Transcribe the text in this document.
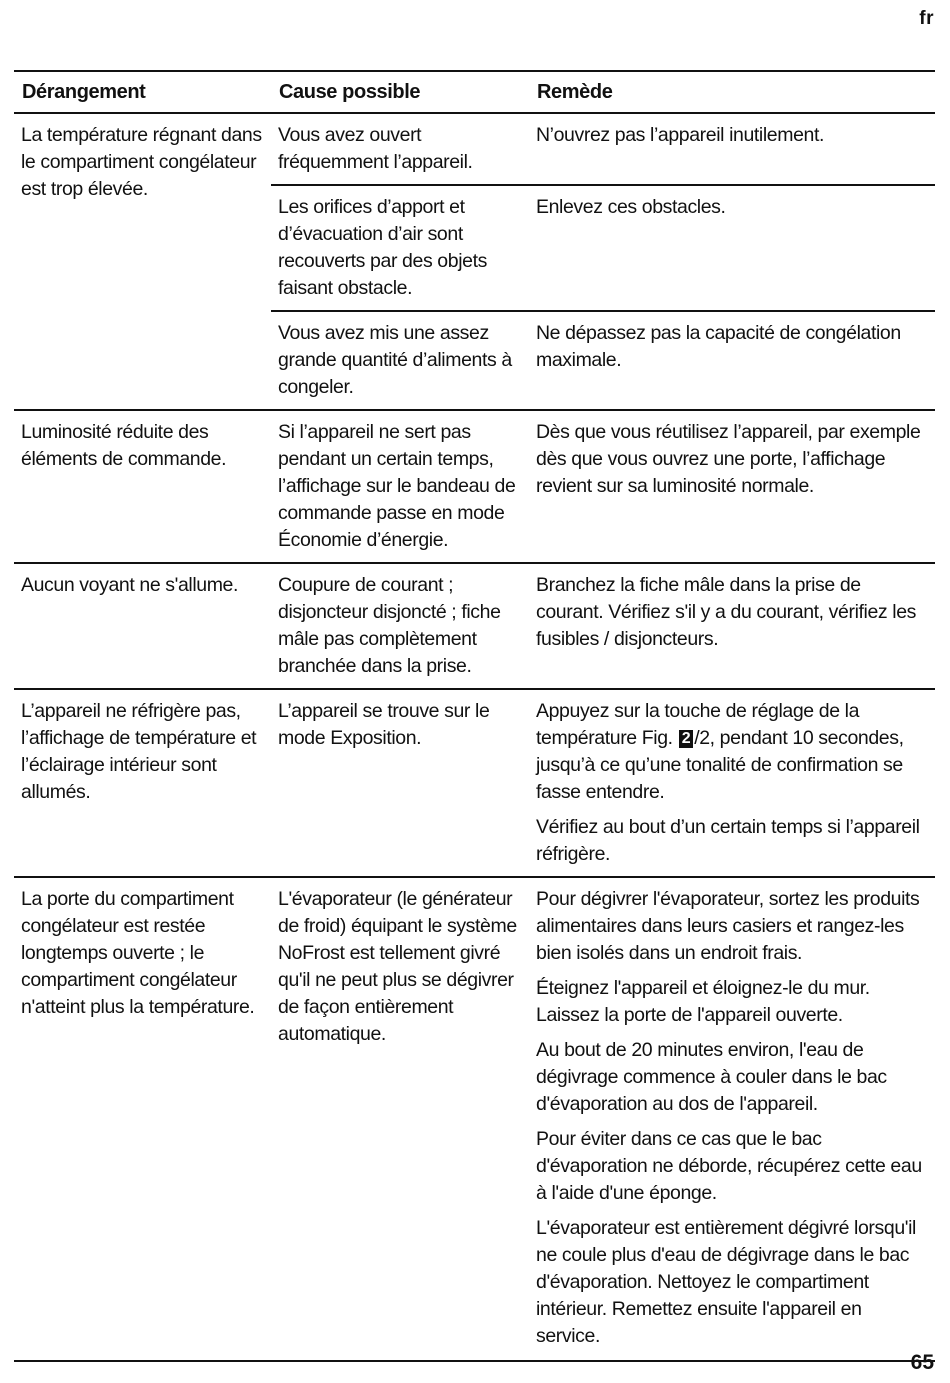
fr
Dérangement	Cause possible	Remède
La température régnant dans le compartiment congélateur est trop élevée.	Vous avez ouvert fréquemment l’appareil.	N’ouvrez pas l’appareil inutilement.

	Les orifices d’apport et d’évacuation d’air sont recouverts par des objets faisant obstacle.	Enlevez ces obstacles.

	Vous avez mis une assez grande quantité d’aliments à congeler.	Ne dépassez pas la capacité de congélation maximale.

Luminosité réduite des éléments de commande.	Si l’appareil ne sert pas pendant un certain temps, l’affichage sur le bandeau de commande passe en mode Économie d’énergie.	Dès que vous réutilisez l’appareil, par exemple dès que vous ouvrez une porte, l’affichage revient sur sa luminosité normale.

Aucun voyant ne s'allume.	Coupure de courant ; disjoncteur disjoncté ; fiche mâle pas complètement branchée dans la prise.	Branchez la fiche mâle dans la prise de courant. Vérifiez s'il y a du courant, vérifiez les fusibles / disjoncteurs.

L’appareil ne réfrigère pas, l’affichage de température et l’éclairage intérieur sont allumés.	L’appareil se trouve sur le mode Exposition.	Appuyez sur la touche de réglage de la température Fig. 2 /2, pendant 10 secondes, jusqu’à ce qu’une tonalité de confirmation se fasse entendre.
Vérifiez au bout d’un certain temps si l’appareil réfrigère.

La porte du compartiment congélateur est restée longtemps ouverte ; le compartiment congélateur n'atteint plus la température.	L'évaporateur (le générateur de froid) équipant le système NoFrost est tellement givré qu'il ne peut plus se dégivrer de façon entièrement automatique.	Pour dégivrer l'évaporateur, sortez les produits alimentaires dans leurs casiers et rangez-les bien isolés dans un endroit frais.
Éteignez l'appareil et éloignez-le du mur. Laissez la porte de l'appareil ouverte.
Au bout de 20 minutes environ, l'eau de dégivrage commence à couler dans le bac d'évaporation au dos de l'appareil.
Pour éviter dans ce cas que le bac d'évaporation ne déborde, récupérez cette eau à l'aide d'une éponge.
L'évaporateur est entièrement dégivré lorsqu'il ne coule plus d'eau de dégivrage dans le bac d'évaporation. Nettoyez le compartiment intérieur. Remettez ensuite l'appareil en service.
65
